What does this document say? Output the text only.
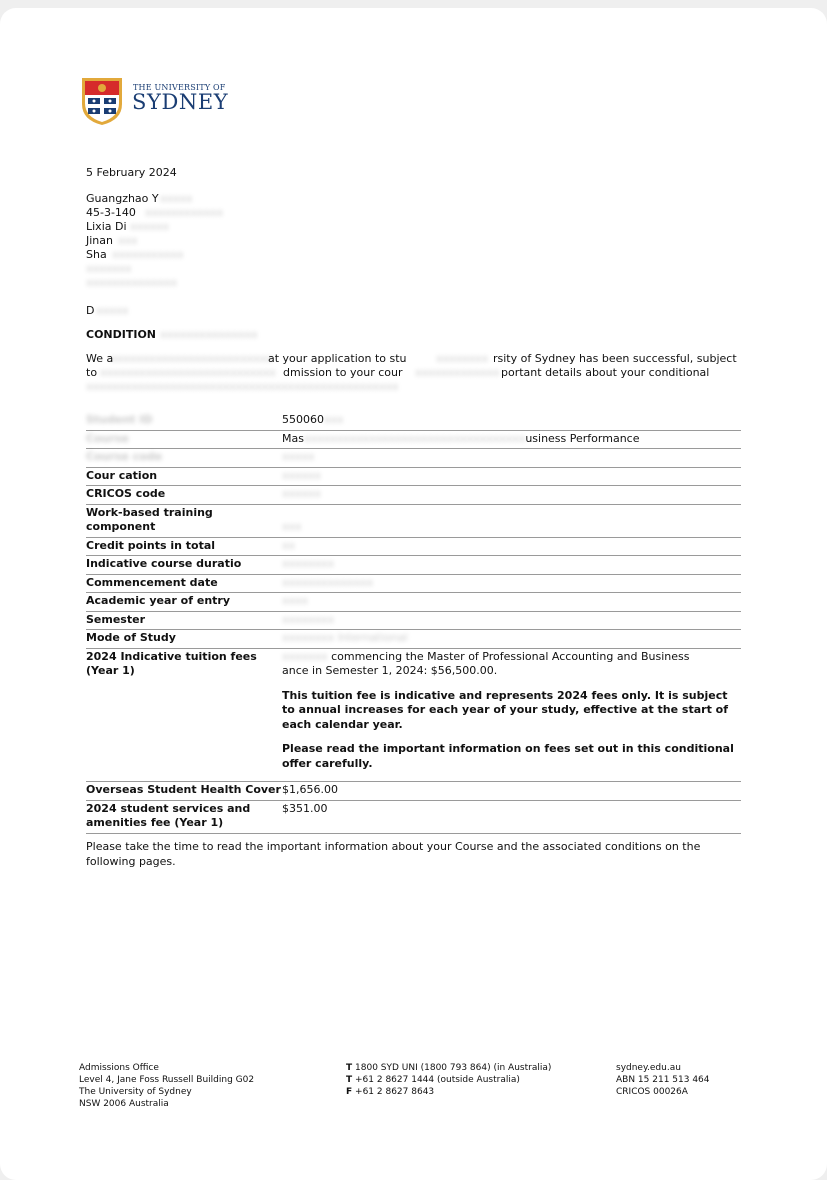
THE UNIVERSITY OF
SYDNEY
5 February 2024
Guangzhao Y xxxxx
45-3-140 xxxxxxxxxxxx
Lixia Di xxxxxx
Jinan xxx
Sha xxxxxxxxxxx
xxxxxxx
xxxxxxxxxxxxxx
D xxxxx
CONDITION xxxxxxxxxxxxxxx
We a
xxxxxxxxxxxxxxxxxxxxxxxxx
at your application to stu	xxxxxxxx rsity of Sydney has been successful, subject
to xxxxxxxxxxxxxxxxxxxxxxxxxxx dmission to your cour xxxxxxxxxxxxx portant details about your conditional
xxxxxxxxxxxxxxxxxxxxxxxxxxxxxxxxxxxxxxxxxxxxxxxx
Student ID	550060xxx
Course	Masxxxxxxxxxxxxxxxxxxxxxxxxxxxxxxxxxxusiness Performance
Course code	xxxxx
Cour cation	xxxxxx
CRICOS code	xxxxxx
Work-based training component	xxx
Credit points in total	xx
Indicative course duratio	xxxxxxxx
Commencement date	xxxxxxxxxxxxxx
Academic year of entry	xxxx
Semester	xxxxxxxx
Mode of Study	xxxxxxxx International
2024 Indicative tuition fees (Year 1)	xxxxxxx commencing the Master of Professional Accounting and Business
ance in Semester 1, 2024: $56,500.00.
This tuition fee is indicative and represents 2024 fees only. It is subject to annual increases for each year of your study, effective at the start of each calendar year.
Please read the important information on fees set out in this conditional offer carefully.

Overseas Student Health Cover	$1,656.00
2024 student services and amenities fee (Year 1)	$351.00
Please take the time to read the important information about your Course and the associated conditions on the following pages.
Admissions Office
Level 4, Jane Foss Russell Building G02
The University of Sydney
NSW 2006 Australia
T 1800 SYD UNI (1800 793 864) (in Australia)
T +61 2 8627 1444 (outside Australia)
F +61 2 8627 8643
sydney.edu.au
ABN 15 211 513 464
CRICOS 00026A
